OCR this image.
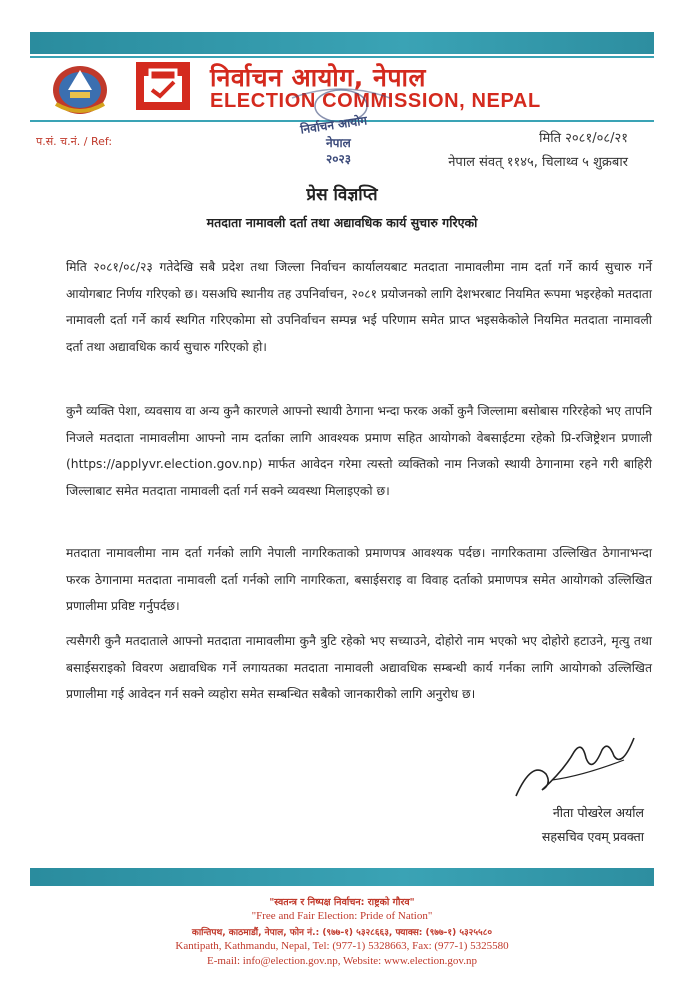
निर्वाचन आयोग, नेपाल
ELECTION COMMISSION, NEPAL
निर्वाचन आयोग
नेपाल
२०२३
प.सं. च.नं. / Ref:	मिति २०८१/०८/२१
नेपाल संवत् ११४५, चिलाथ्व ५ शुक्रबार
प्रेस विज्ञप्ति
मतदाता नामावली दर्ता तथा अद्यावधिक कार्य सुचारु गरिएको

मिति २०८१/०८/२३ गतेदेखि सबै प्रदेश तथा जिल्ला निर्वाचन कार्यालयबाट मतदाता नामावलीमा नाम दर्ता गर्ने कार्य सुचारु गर्ने आयोगबाट निर्णय गरिएको छ। यसअघि स्थानीय तह उपनिर्वाचन, २०८१ प्रयोजनको लागि देशभरबाट नियमित रूपमा भइरहेको मतदाता नामावली दर्ता गर्ने कार्य स्थगित गरिएकोमा सो उपनिर्वाचन सम्पन्न भई परिणाम समेत प्राप्त भइसकेकोले नियमित मतदाता नामावली दर्ता तथा अद्यावधिक कार्य सुचारु गरिएको हो।

कुनै व्यक्ति पेशा, व्यवसाय वा अन्य कुनै कारणले आफ्नो स्थायी ठेगाना भन्दा फरक अर्को कुनै जिल्लामा बसोबास गरिरहेको भए तापनि निजले मतदाता नामावलीमा आफ्नो नाम दर्ताका लागि आवश्यक प्रमाण सहित आयोगको वेबसाईटमा रहेको प्रि-रजिष्ट्रेशन प्रणाली (https://applyvr.election.gov.np) मार्फत आवेदन गरेमा त्यस्तो व्यक्तिको नाम निजको स्थायी ठेगानामा रहने गरी बाहिरी जिल्लाबाट समेत मतदाता नामावली दर्ता गर्न सक्ने व्यवस्था मिलाइएको छ।

मतदाता नामावलीमा नाम दर्ता गर्नको लागि नेपाली नागरिकताको प्रमाणपत्र आवश्यक पर्दछ। नागरिकतामा उल्लिखित ठेगानाभन्दा फरक ठेगानामा मतदाता नामावली दर्ता गर्नको लागि नागरिकता, बसाईसराइ वा विवाह दर्ताको प्रमाणपत्र समेत आयोगको उल्लिखित प्रणालीमा प्रविष्ट गर्नुपर्दछ।

त्यसैगरी कुनै मतदाताले आफ्नो मतदाता नामावलीमा कुनै त्रुटि रहेको भए सच्याउने, दोहोरो नाम भएको भए दोहोरो हटाउने, मृत्यु तथा बसाईसराइको विवरण अद्यावधिक गर्ने लगायतका मतदाता नामावली अद्यावधिक सम्बन्धी कार्य गर्नका लागि आयोगको उल्लिखित प्रणालीमा गई आवेदन गर्न सक्ने व्यहोरा समेत सम्बन्धित सबैको जानकारीको लागि अनुरोध छ।

नीता पोखरेल अर्याल
सहसचिव एवम् प्रवक्ता
"स्वतन्त्र र निष्पक्ष निर्वाचन: राष्ट्रको गौरव"
"Free and Fair Election: Pride of Nation"
कान्तिपथ, काठमाडौं, नेपाल, फोन नं.: (९७७-१) ५३२८६६३, फ्याक्स: (९७७-१) ५३२५५८०
Kantipath, Kathmandu, Nepal, Tel: (977-1) 5328663, Fax: (977-1) 5325580
E-mail: info@election.gov.np, Website: www.election.gov.np
